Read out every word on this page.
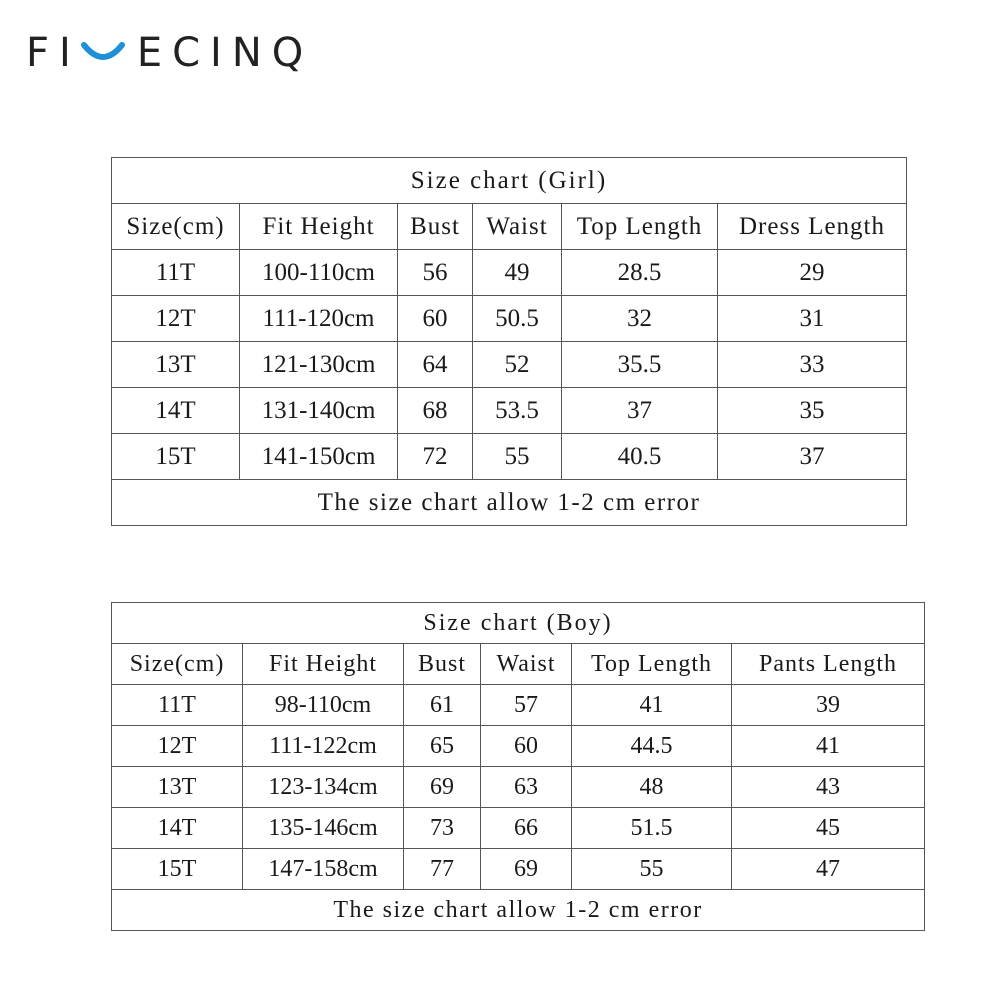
FI ECINQ
Size chart (Girl)					
Size(cm)	Fit Height	Bust	Waist	Top Length	Dress Length
11T	100-110cm	56	49	28.5	29
12T	111-120cm	60	50.5	32	31
13T	121-130cm	64	52	35.5	33
14T	131-140cm	68	53.5	37	35
15T	141-150cm	72	55	40.5	37
The size chart allow 1-2 cm error					
Size chart (Boy)					
Size(cm)	Fit Height	Bust	Waist	Top Length	Pants Length
11T	98-110cm	61	57	41	39
12T	111-122cm	65	60	44.5	41
13T	123-134cm	69	63	48	43
14T	135-146cm	73	66	51.5	45
15T	147-158cm	77	69	55	47
The size chart allow 1-2 cm error					
